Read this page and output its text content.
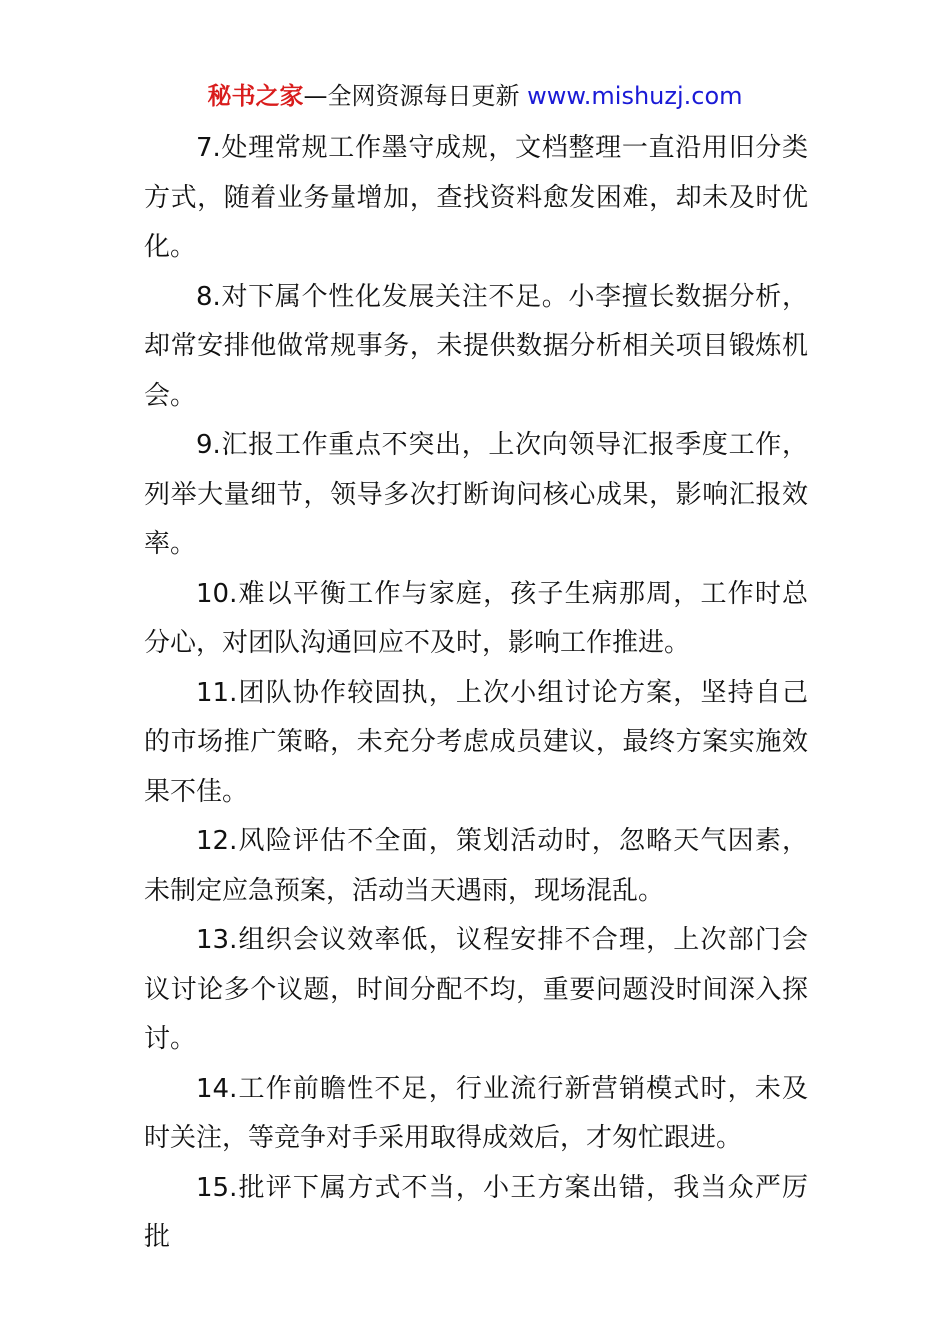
秘书之家—全网资源每日更新 www.mishuzj.com

7.处理常规工作墨守成规，文档整理一直沿用旧分类方式，随着业务量增加，查找资料愈发困难，却未及时优化。

8.对下属个性化发展关注不足。小李擅长数据分析，却常安排他做常规事务，未提供数据分析相关项目锻炼机会。

9.汇报工作重点不突出，上次向领导汇报季度工作，列举大量细节，领导多次打断询问核心成果，影响汇报效率。

10.难以平衡工作与家庭，孩子生病那周，工作时总分心，对团队沟通回应不及时，影响工作推进。

11.团队协作较固执，上次小组讨论方案，坚持自己的市场推广策略，未充分考虑成员建议，最终方案实施效果不佳。

12.风险评估不全面，策划活动时，忽略天气因素，未制定应急预案，活动当天遇雨，现场混乱。

13.组织会议效率低，议程安排不合理，上次部门会议讨论多个议题，时间分配不均，重要问题没时间深入探讨。

14.工作前瞻性不足，行业流行新营销模式时，未及时关注，等竞争对手采用取得成效后，才匆忙跟进。

15.批评下属方式不当，小王方案出错，我当众严厉批
